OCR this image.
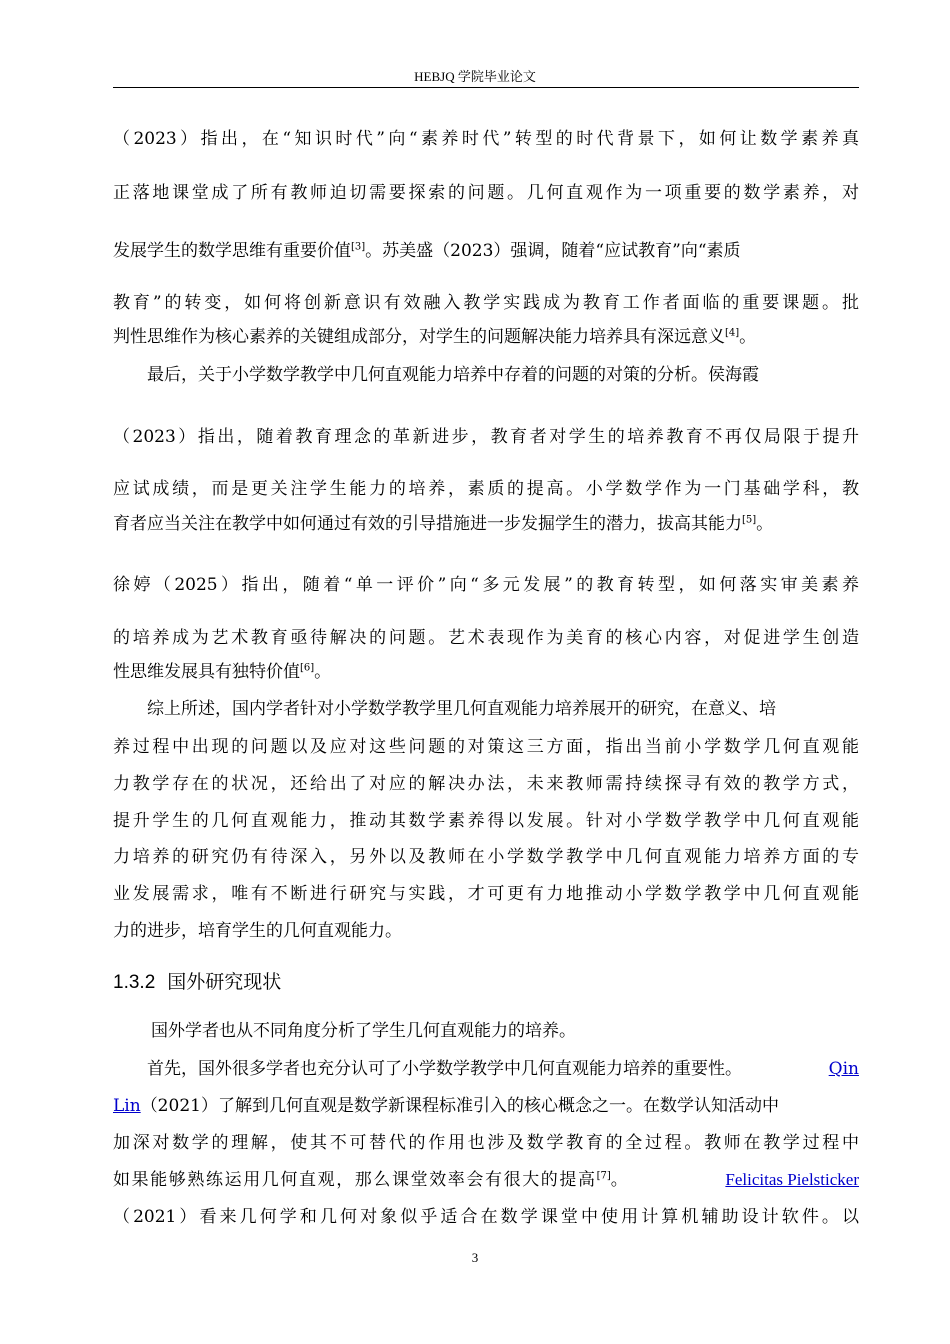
HEBJQ 学院毕业论文
（2023）指出，在“知识时代”向“素养时代”转型的时代背景下，如何让数学素养真
正落地课堂成了所有教师迫切需要探索的问题。几何直观作为一项重要的数学素养，对
发展学生的数学思维有重要价值[3]。苏美盛（2023）强调，随着“应试教育”向“素质
教育”的转变，如何将创新意识有效融入教学实践成为教育工作者面临的重要课题。批
判性思维作为核心素养的关键组成部分，对学生的问题解决能力培养具有深远意义[4]。
最后，关于小学数学教学中几何直观能力培养中存着的问题的对策的分析。侯海霞
（2023）指出，随着教育理念的革新进步，教育者对学生的培养教育不再仅局限于提升
应试成绩，而是更关注学生能力的培养，素质的提高。小学数学作为一门基础学科，教
育者应当关注在教学中如何通过有效的引导措施进一步发掘学生的潜力，拔高其能力[5]。
徐婷（2025）指出，随着“单一评价”向“多元发展”的教育转型，如何落实审美素养
的培养成为艺术教育亟待解决的问题。艺术表现作为美育的核心内容，对促进学生创造
性思维发展具有独特价值[6]。
综上所述，国内学者针对小学数学教学里几何直观能力培养展开的研究，在意义、培
养过程中出现的问题以及应对这些问题的对策这三方面，指出当前小学数学几何直观能
力教学存在的状况，还给出了对应的解决办法，未来教师需持续探寻有效的教学方式，
提升学生的几何直观能力，推动其数学素养得以发展。针对小学数学教学中几何直观能
力培养的研究仍有待深入，另外以及教师在小学数学教学中几何直观能力培养方面的专
业发展需求，唯有不断进行研究与实践，才可更有力地推动小学数学教学中几何直观能
力的进步，培育学生的几何直观能力。
1.3.2 国外研究现状
国外学者也从不同角度分析了学生几何直观能力的培养。
首先，国外很多学者也充分认可了小学数学教学中几何直观能力培养的重要性。	Qin
Lin（2021）了解到几何直观是数学新课程标准引入的核心概念之一。在数学认知活动中
加深对数学的理解，使其不可替代的作用也涉及数学教育的全过程。教师在教学过程中
如果能够熟练运用几何直观，那么课堂效率会有很大的提高[7]。	Felicitas Pielsticker
（2021）看来几何学和几何对象似乎适合在数学课堂中使用计算机辅助设计软件。以
3
